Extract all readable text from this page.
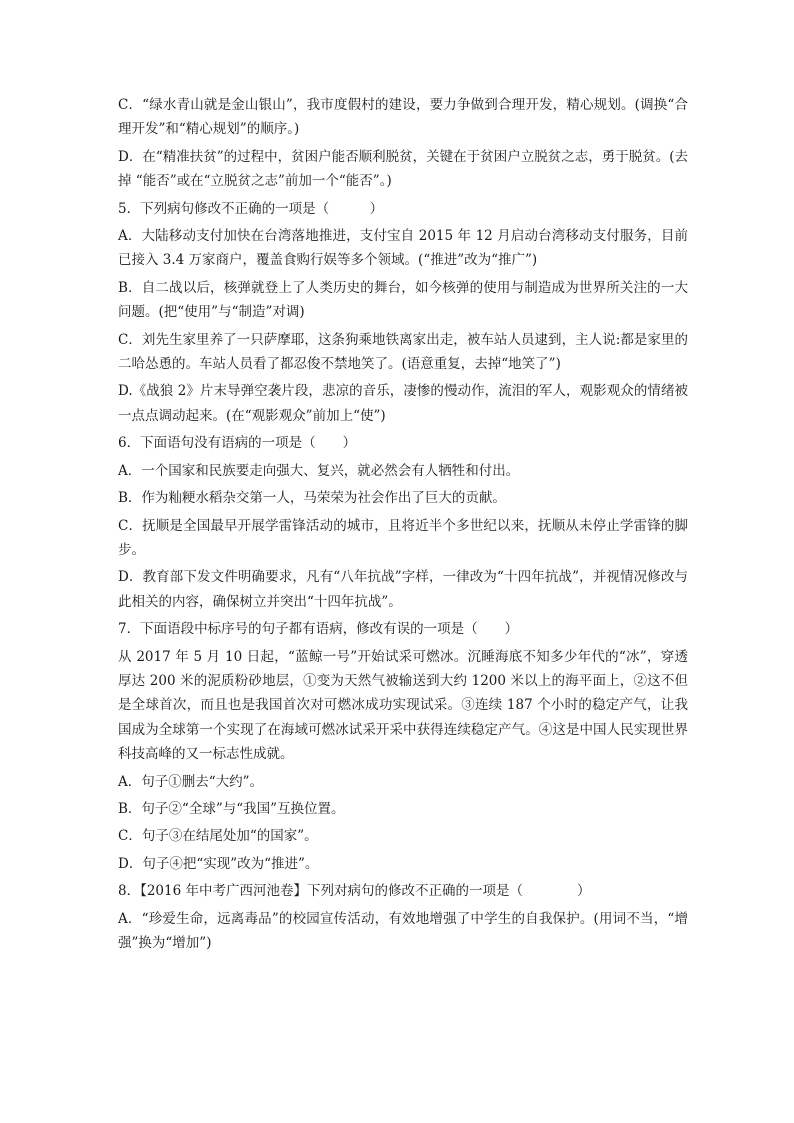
C．“绿水青山就是金山银山”，我市度假村的建设，要力争做到合理开发，精心规划。(调换“合理开发”和“精心规划”的顺序。)

D．在“精准扶贫”的过程中，贫困户能否顺利脱贫，关键在于贫困户立脱贫之志，勇于脱贫。(去掉 “能否”或在“立脱贫之志”前加一个“能否”。)

5．下列病句修改不正确的一项是（　　　）

A．大陆移动支付加快在台湾落地推进，支付宝自 2015 年 12 月启动台湾移动支付服务，目前已接入 3.4 万家商户，覆盖食购行娱等多个领域。(“推进”改为“推广”)

B．自二战以后，核弹就登上了人类历史的舞台，如今核弹的使用与制造成为世界所关注的一大问题。(把“使用”与“制造”对调)

C．刘先生家里养了一只萨摩耶，这条狗乘地铁离家出走，被车站人员逮到，主人说:都是家里的二哈怂恿的。车站人员看了都忍俊不禁地笑了。(语意重复，去掉“地笑了”)

D.《战狼 2》片末导弹空袭片段，悲凉的音乐，凄惨的慢动作，流泪的军人，观影观众的情绪被一点点调动起来。(在“观影观众”前加上“使”)

6．下面语句没有语病的一项是（　　）

A．一个国家和民族要走向强大、复兴，就必然会有人牺牲和付出。

B．作为籼粳水稻杂交第一人，马荣荣为社会作出了巨大的贡献。

C．抚顺是全国最早开展学雷锋活动的城市，且将近半个多世纪以来，抚顺从未停止学雷锋的脚步。

D．教育部下发文件明确要求，凡有“八年抗战”字样，一律改为“十四年抗战”，并视情况修改与此相关的内容，确保树立并突出“十四年抗战”。

7．下面语段中标序号的句子都有语病，修改有误的一项是（　　）

从 2017 年 5 月 10 日起，“蓝鲸一号”开始试采可燃冰。沉睡海底不知多少年代的“冰”，穿透厚达 200 米的泥质粉砂地层，①变为天然气被输送到大约 1200 米以上的海平面上，②这不但是全球首次，而且也是我国首次对可燃冰成功实现试采。③连续 187 个小时的稳定产气，让我国成为全球第一个实现了在海域可燃冰试采开采中获得连续稳定产气。④这是中国人民实现世界科技高峰的又一标志性成就。

A．句子①删去“大约”。

B．句子②“全球”与“我国”互换位置。

C．句子③在结尾处加“的国家”。

D．句子④把“实现”改为“推进”。

8．【2016 年中考广西河池卷】下列对病句的修改不正确的一项是（　　　　）

A．“珍爱生命，远离毒品”的校园宣传活动，有效地增强了中学生的自我保护。(用词不当，“增强”换为“增加”)
